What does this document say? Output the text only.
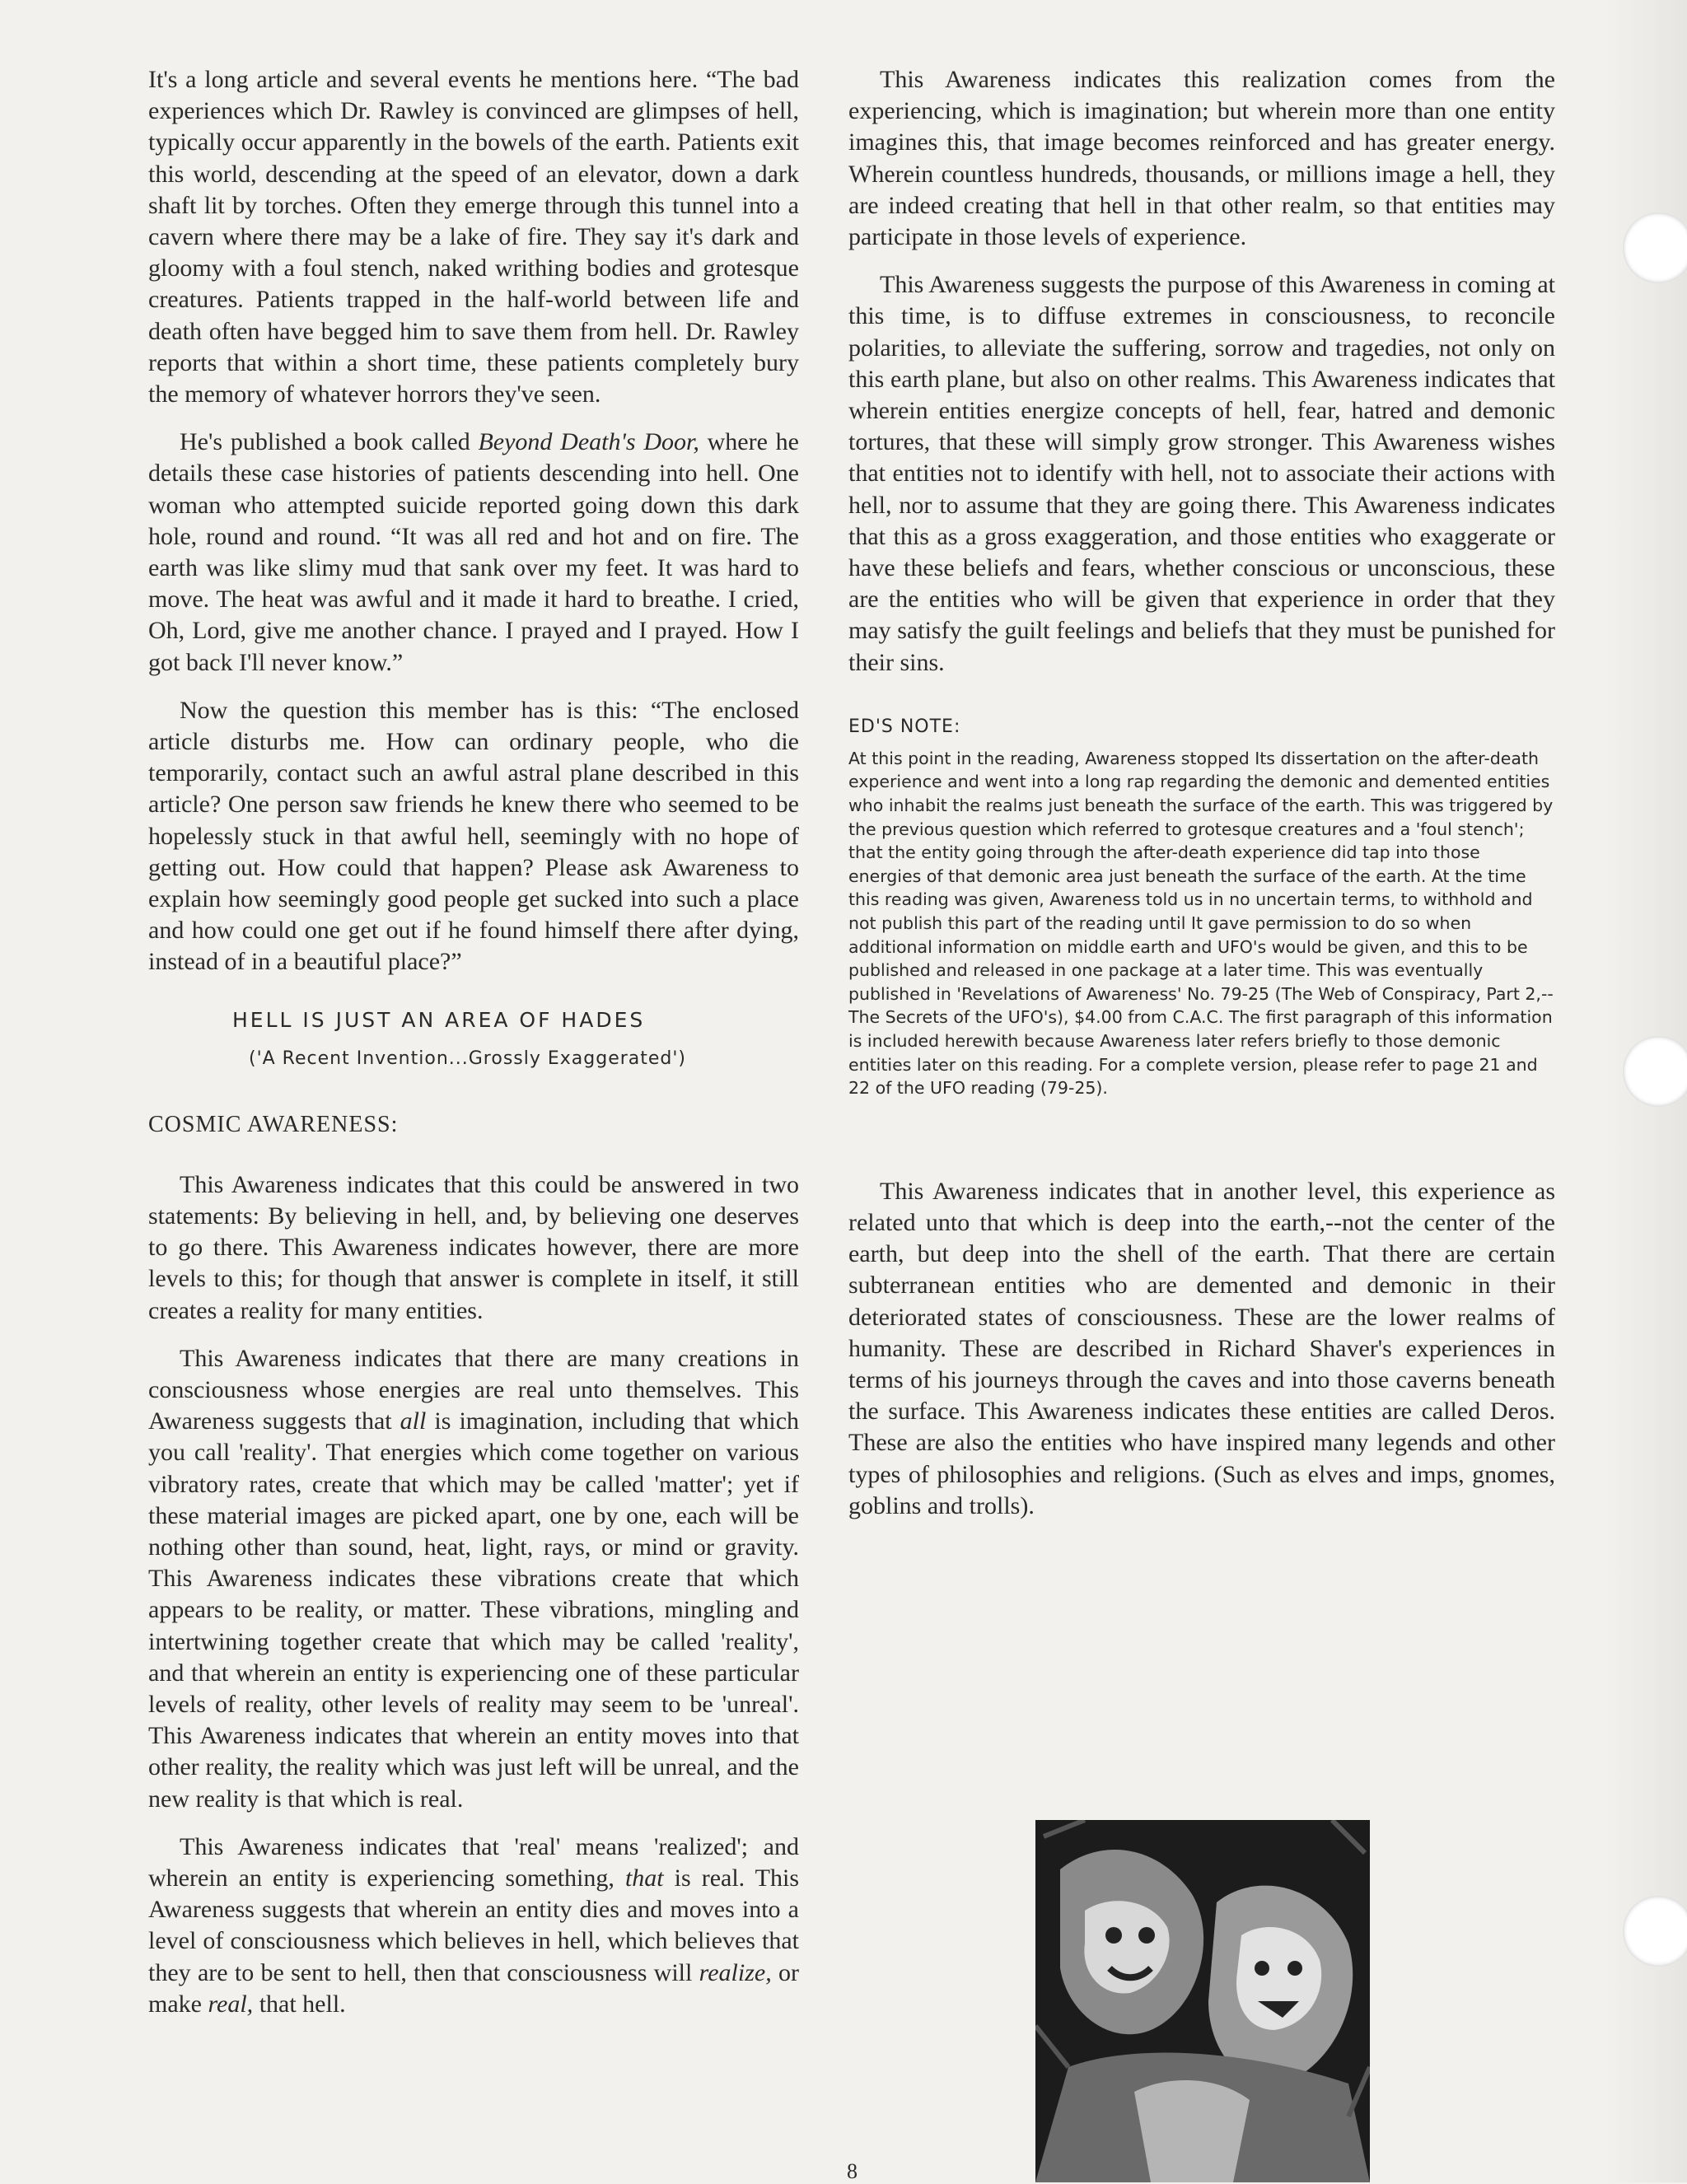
It's a long article and several events he mentions here. “The bad experiences which Dr. Rawley is convinced are glimpses of hell, typically occur apparently in the bowels of the earth. Patients exit this world, descending at the speed of an elevator, down a dark shaft lit by torches. Often they emerge through this tunnel into a cavern where there may be a lake of fire. They say it's dark and gloomy with a foul stench, naked writhing bodies and grotesque creatures. Patients trapped in the half-world between life and death often have begged him to save them from hell. Dr. Rawley reports that within a short time, these patients completely bury the memory of whatever horrors they've seen.

He's published a book called Beyond Death's Door, where he details these case histories of patients descending into hell. One woman who attempted suicide reported going down this dark hole, round and round. “It was all red and hot and on fire. The earth was like slimy mud that sank over my feet. It was hard to move. The heat was awful and it made it hard to breathe. I cried, Oh, Lord, give me another chance. I prayed and I prayed. How I got back I'll never know.”

Now the question this member has is this: “The enclosed article disturbs me. How can ordinary people, who die temporarily, contact such an awful astral plane described in this article? One person saw friends he knew there who seemed to be hopelessly stuck in that awful hell, seemingly with no hope of getting out. How could that happen? Please ask Awareness to explain how seemingly good people get sucked into such a place and how could one get out if he found himself there after dying, instead of in a beautiful place?”

HELL IS JUST AN AREA OF HADES

('A Recent Invention...Grossly Exaggerated')

COSMIC AWARENESS:

This Awareness indicates that this could be answered in two statements: By believing in hell, and, by believing one deserves to go there. This Awareness indicates however, there are more levels to this; for though that answer is complete in itself, it still creates a reality for many entities.

This Awareness indicates that there are many creations in consciousness whose energies are real unto themselves. This Awareness suggests that all is imagination, including that which you call 'reality'. That energies which come together on various vibratory rates, create that which may be called 'matter'; yet if these material images are picked apart, one by one, each will be nothing other than sound, heat, light, rays, or mind or gravity. This Awareness indicates these vibrations create that which appears to be reality, or matter. These vibrations, mingling and intertwining together create that which may be called 'reality', and that wherein an entity is experiencing one of these particular levels of reality, other levels of reality may seem to be 'unreal'. This Awareness indicates that wherein an entity moves into that other reality, the reality which was just left will be unreal, and the new reality is that which is real.

This Awareness indicates that 'real' means 'realized'; and wherein an entity is experiencing something, that is real. This Awareness suggests that wherein an entity dies and moves into a level of consciousness which believes in hell, which believes that they are to be sent to hell, then that consciousness will realize, or make real, that hell.

This Awareness indicates this realization comes from the experiencing, which is imagination; but wherein more than one entity imagines this, that image becomes reinforced and has greater energy. Wherein countless hundreds, thousands, or millions image a hell, they are indeed creating that hell in that other realm, so that entities may participate in those levels of experience.

This Awareness suggests the purpose of this Awareness in coming at this time, is to diffuse extremes in consciousness, to reconcile polarities, to alleviate the suffering, sorrow and tragedies, not only on this earth plane, but also on other realms. This Awareness indicates that wherein entities energize concepts of hell, fear, hatred and demonic tortures, that these will simply grow stronger. This Awareness wishes that entities not to identify with hell, not to associate their actions with hell, nor to assume that they are going there. This Awareness indicates that this as a gross exaggeration, and those entities who exaggerate or have these beliefs and fears, whether conscious or unconscious, these are the entities who will be given that experience in order that they may satisfy the guilt feelings and beliefs that they must be punished for their sins.

ED'S NOTE:

At this point in the reading, Awareness stopped Its dissertation on the after-death experience and went into a long rap regarding the demonic and demented entities who inhabit the realms just beneath the surface of the earth. This was triggered by the previous question which referred to grotesque creatures and a 'foul stench'; that the entity going through the after-death experience did tap into those energies of that demonic area just beneath the surface of the earth. At the time this reading was given, Awareness told us in no uncertain terms, to withhold and not publish this part of the reading until It gave permission to do so when additional information on middle earth and UFO's would be given, and this to be published and released in one package at a later time. This was eventually published in 'Revelations of Awareness' No. 79-25 (The Web of Conspiracy, Part 2,--The Secrets of the UFO's), $4.00 from C.A.C. The first paragraph of this information is included herewith because Awareness later refers briefly to those demonic entities later on this reading. For a complete version, please refer to page 21 and 22 of the UFO reading (79-25).

This Awareness indicates that in another level, this experience as related unto that which is deep into the earth,--not the center of the earth, but deep into the shell of the earth. That there are certain subterranean entities who are demented and demonic in their deteriorated states of consciousness. These are the lower realms of humanity. These are described in Richard Shaver's experiences in terms of his journeys through the caves and into those caverns beneath the surface. This Awareness indicates these entities are called Deros. These are also the entities who have inspired many legends and other types of philosophies and religions. (Such as elves and imps, gnomes, goblins and trolls).

8
